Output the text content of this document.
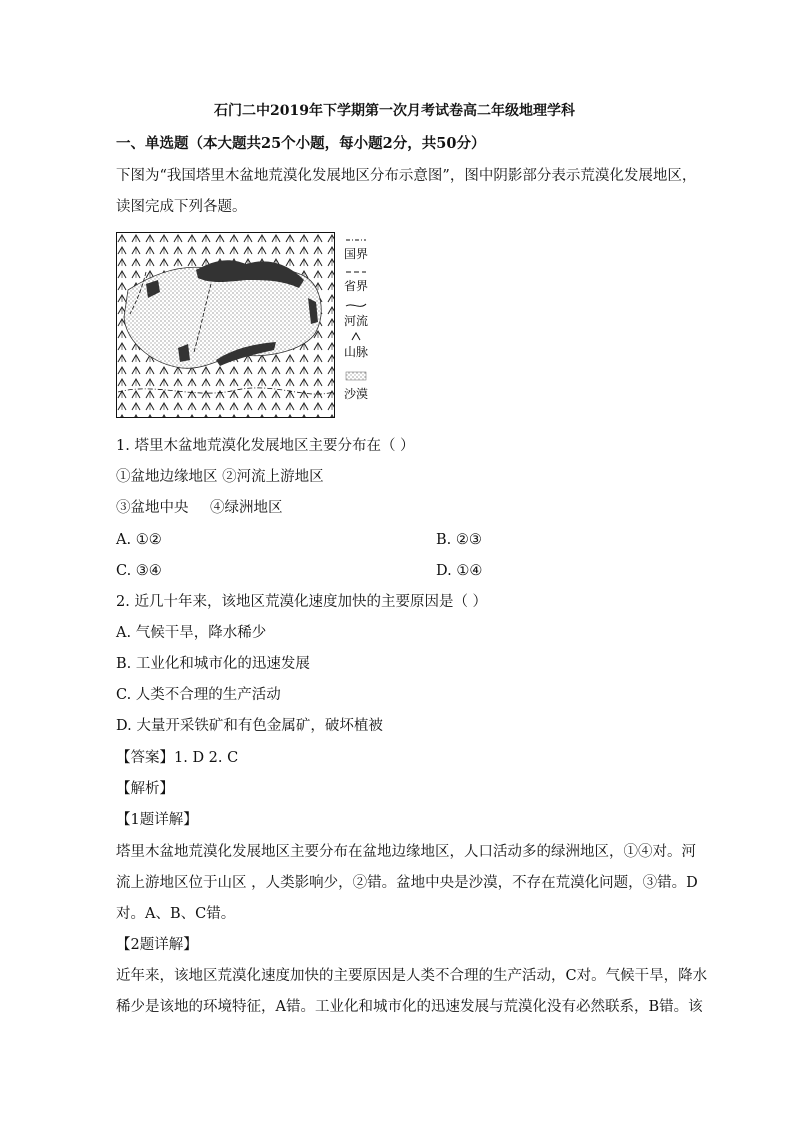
石门二中2019年下学期第一次月考试卷高二年级地理学科
一、单选题（本大题共25个小题，每小题2分，共50分）
下图为“我国塔里木盆地荒漠化发展地区分布示意图”，图中阴影部分表示荒漠化发展地区，
读图完成下列各题。
国界
省界
河流
山脉
沙漠
1. 塔里木盆地荒漠化发展地区主要分布在（ ）
①盆地边缘地区 ②河流上游地区
③盆地中央 ④绿洲地区
A. ①②	B. ②③
C. ③④	D. ①④
2. 近几十年来，该地区荒漠化速度加快的主要原因是（ ）
A. 气候干旱，降水稀少
B. 工业化和城市化的迅速发展
C. 人类不合理的生产活动
D. 大量开采铁矿和有色金属矿，破坏植被
【答案】1. D 2. C
【解析】
【1题详解】
塔里木盆地荒漠化发展地区主要分布在盆地边缘地区，人口活动多的绿洲地区，①④对。河
流上游地区位于山区 ，人类影响少，②错。盆地中央是沙漠，不存在荒漠化问题，③错。D
对。A、B、C错。
【2题详解】
近年来，该地区荒漠化速度加快的主要原因是人类不合理的生产活动，C对。气候干旱，降水
稀少是该地的环境特征，A错。工业化和城市化的迅速发展与荒漠化没有必然联系，B错。该
